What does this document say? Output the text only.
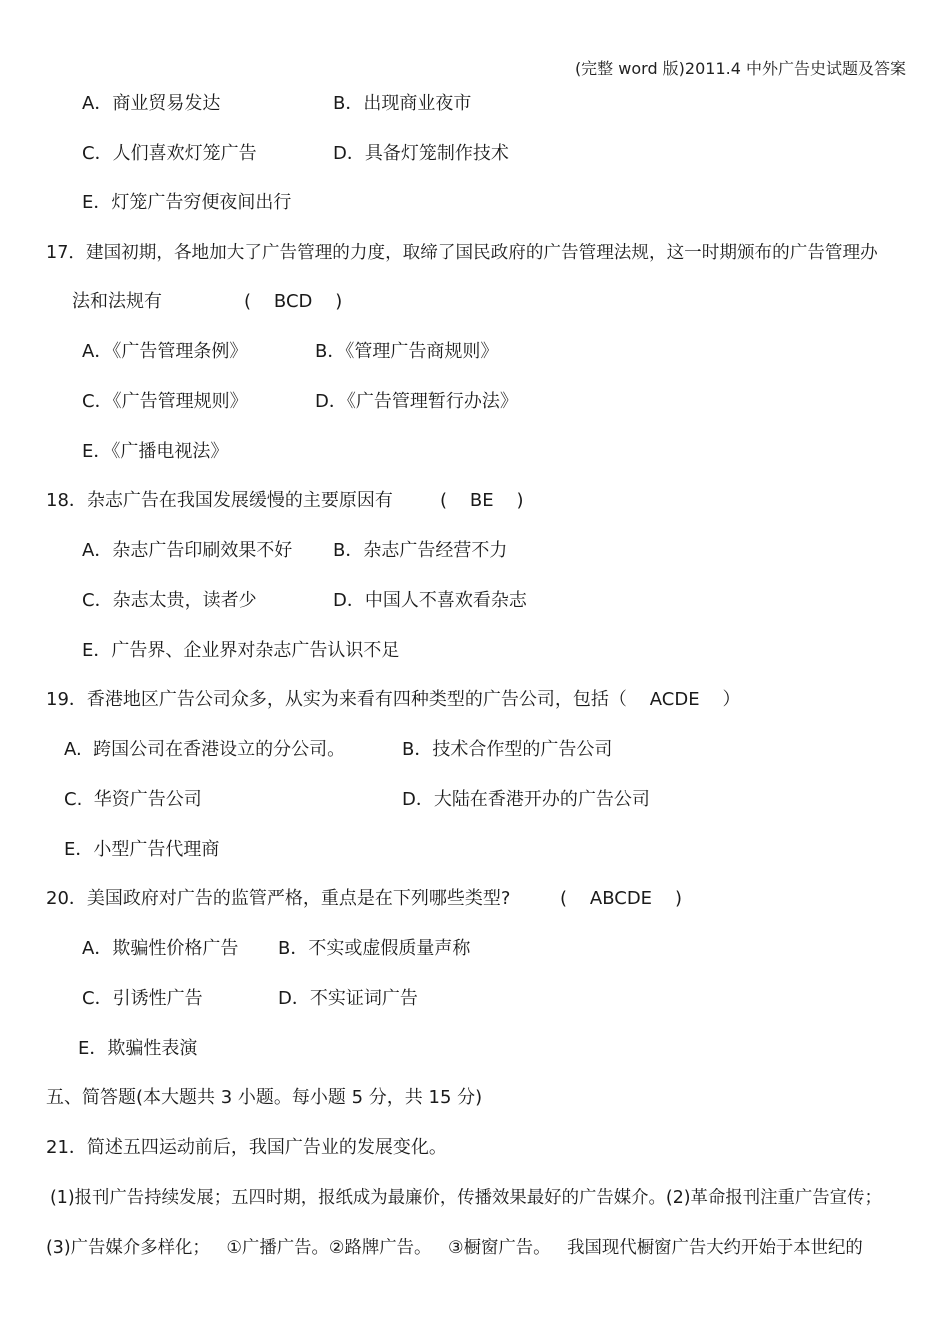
(完整 word 版)2011.4 中外广告史试题及答案
A．商业贸易发达	B．出现商业夜市
C．人们喜欢灯笼广告	D．具备灯笼制作技术
E．灯笼广告穷便夜间出行
17．建国初期，各地加大了广告管理的力度，取缔了国民政府的广告管理法规，这一时期颁布的广告管理办
法和法规有	(    BCD    )
A．《广告管理条例》	B．《管理广告商规则》
C．《广告管理规则》	D．《广告管理暂行办法》
E．《广播电视法》
18．杂志广告在我国发展缓慢的主要原因有	(    BE    )
A．杂志广告印刷效果不好 B．杂志广告经营不力
C．杂志太贵，读者少	D．中国人不喜欢看杂志
E．广告界、企业界对杂志广告认识不足
19．香港地区广告公司众多，从实为来看有四种类型的广告公司，包括（    ACDE    ）
A.  跨国公司在香港设立的分公司。	B．技术合作型的广告公司
C.  华资广告公司	D．大陆在香港开办的广告公司
E．小型广告代理商
20．美国政府对广告的监管严格，重点是在下列哪些类型?	(    ABCDE    )
A．欺骗性价格广告 B．不实或虚假质量声称
C．引诱性广告	D．不实证词广告
E．欺骗性表演
五、简答题(本大题共 3 小题。每小题 5 分，共 15 分)
21．简述五四运动前后，我国广告业的发展变化。
(1)报刊广告持续发展；五四时期，报纸成为最廉价，传播效果最好的广告媒介。(2)革命报刊注重广告宣传；
(3)广告媒介多样化；   ①广播广告。②路牌广告。   ③橱窗广告。   我国现代橱窗广告大约开始于本世纪的
